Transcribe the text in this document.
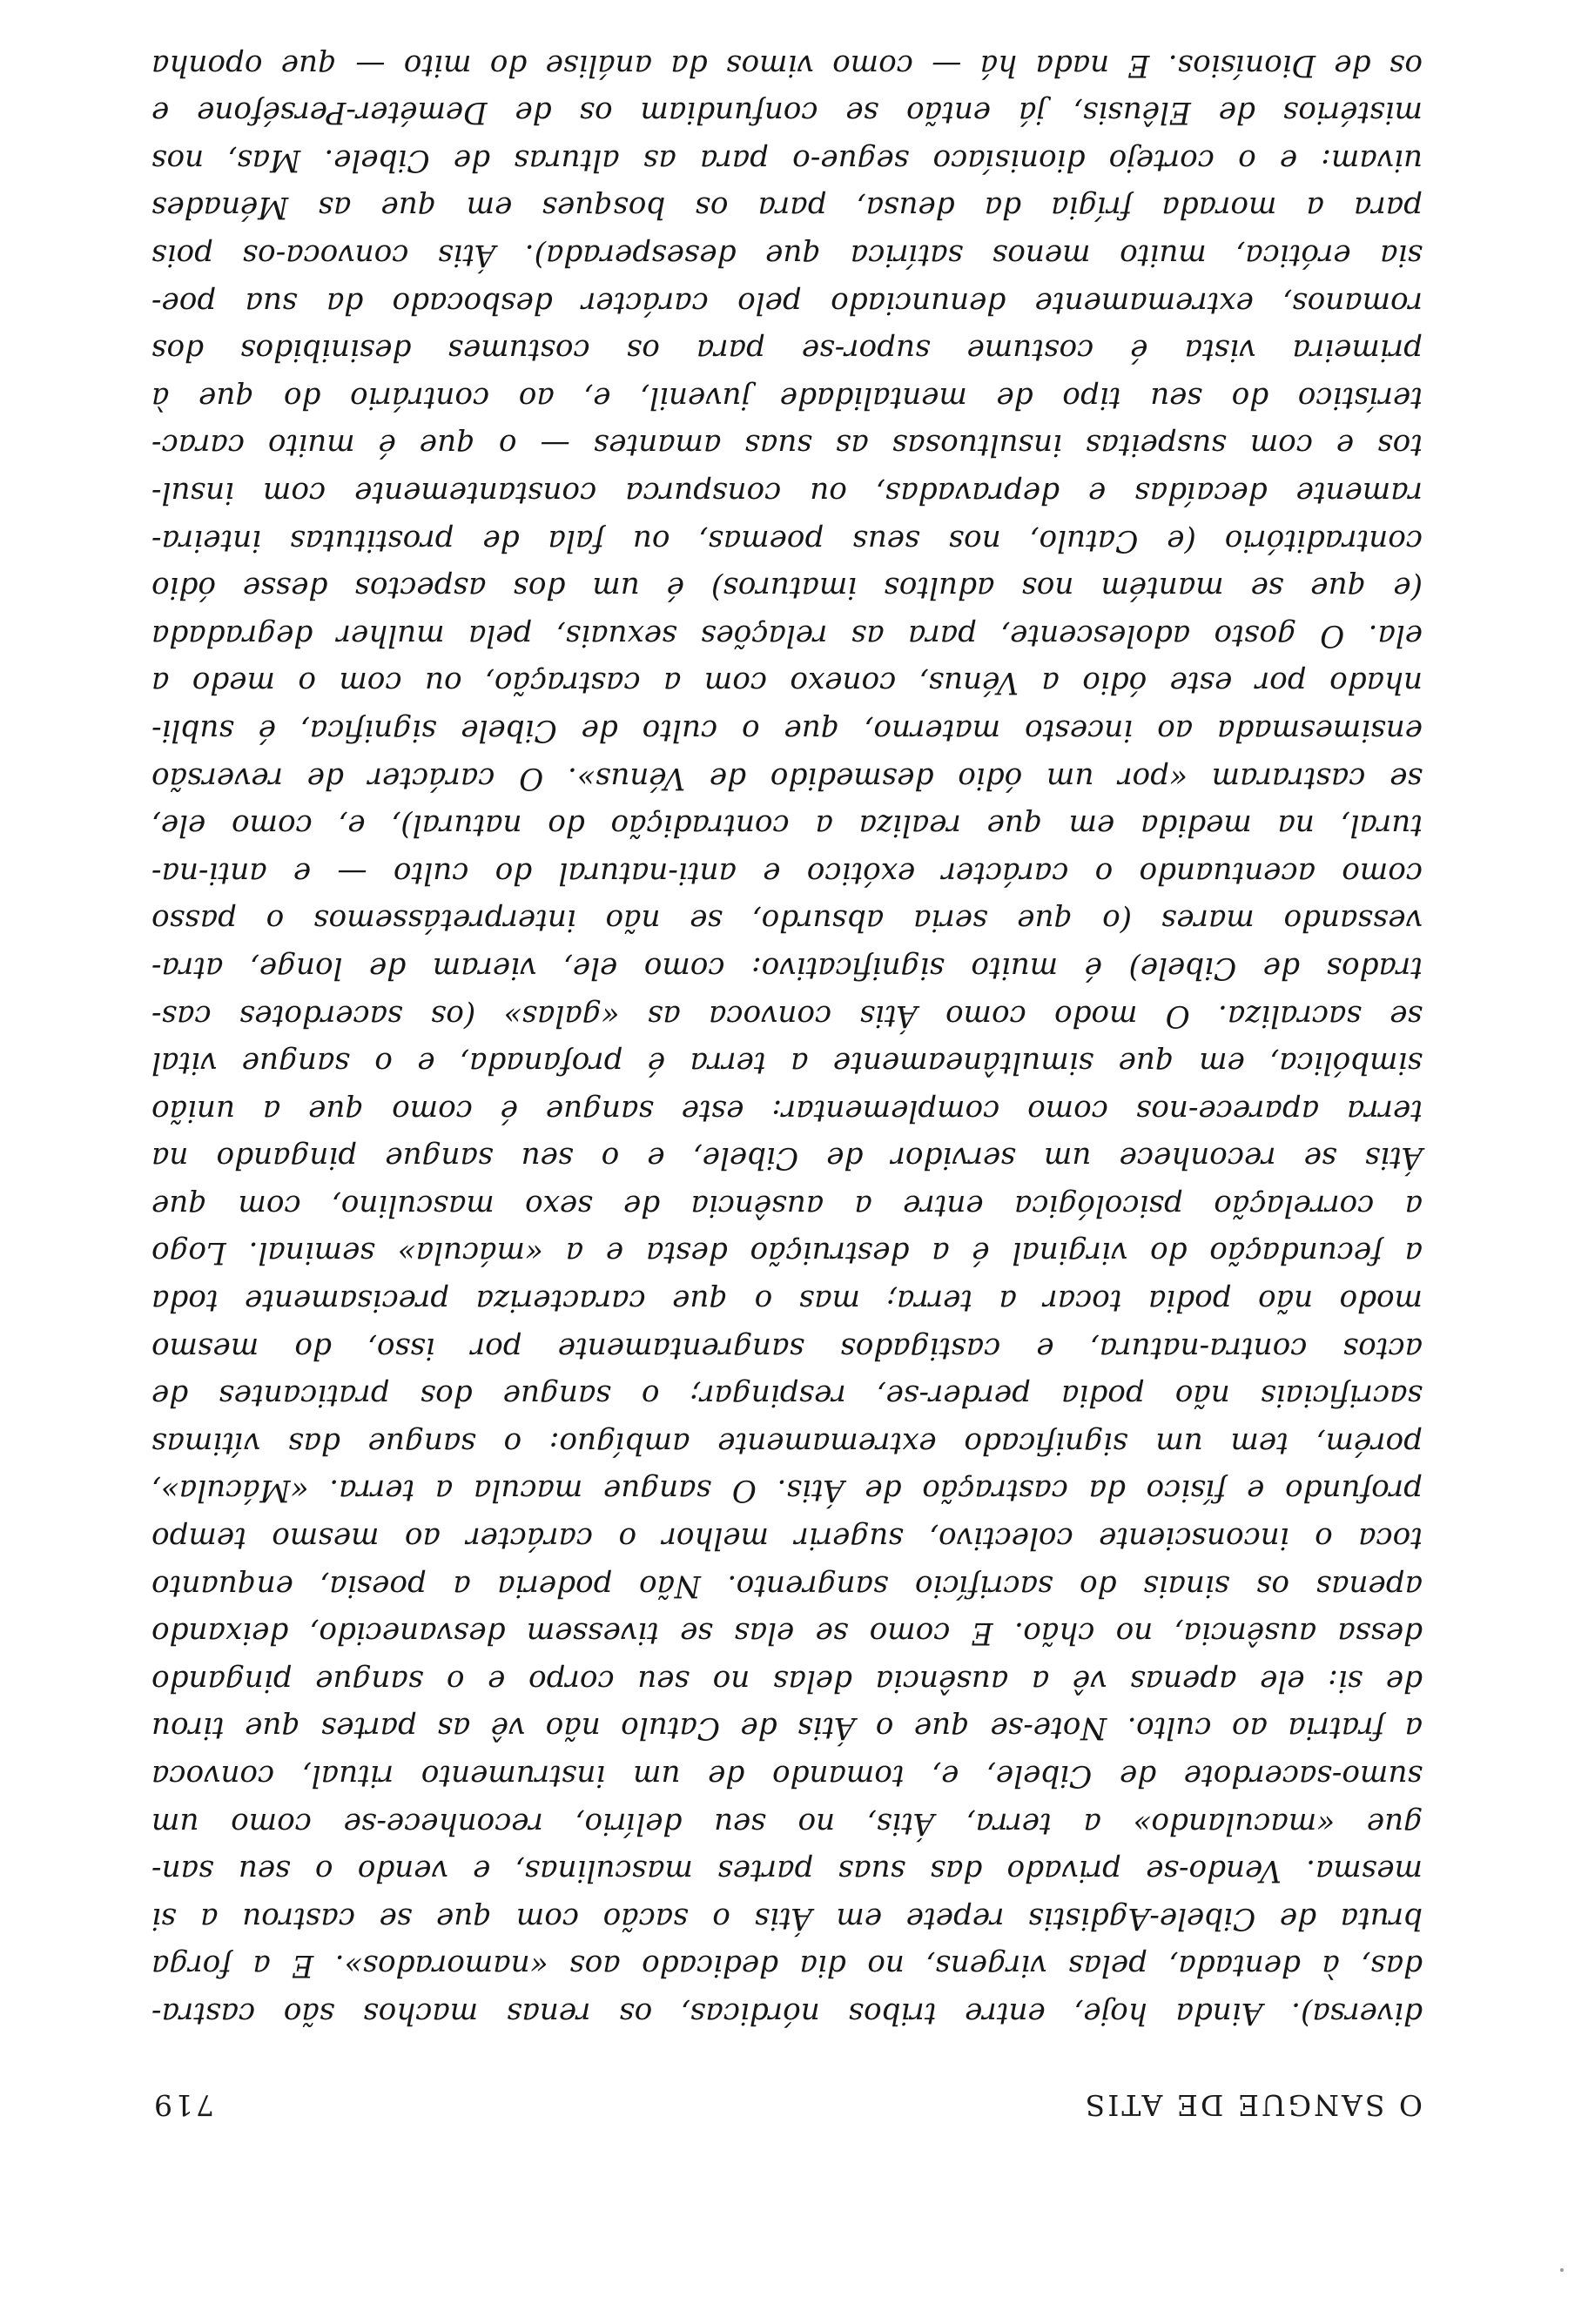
O SANGUE DE ATIS
719
diversa). Ainda hoje, entre tribos nórdicas, os renas machos são castra-
das, à dentada, pelas virgens, no dia dedicado aos «namorados». E a forga
bruta de Cibele-Agdistis repete em Átis o sacão com que se castrou a si
mesma. Vendo-se privado das suas partes masculinas, e vendo o seu san-
gue «maculando» a terra, Átis, no seu delírio, reconhece-se como um
sumo-sacerdote de Cibele, e, tomando de um instrumento ritual, convoca
a fratria ao culto. Note-se que o Átis de Catulo não vê as partes que tirou
de si: ele apenas vê a ausência delas no seu corpo e o sangue pingando
dessa ausência, no chão. E como se elas se tivessem desvanecido, deixando
apenas os sinais do sacrifício sangrento. Não poderia a poesia, enquanto
toca o inconsciente colectivo, sugerir melhor o carácter ao mesmo tempo
profundo e físico da castração de Átis. O sangue macula a terra. «Mácula»,
porém, tem um significado extremamente ambíguo: o sangue das vítimas
sacrificiais não podia perder-se, respingar; o sangue dos praticantes de
actos contra-natura, e castigados sangrentamente por isso, do mesmo
modo não podia tocar a terra; mas o que caracteriza precisamente toda
a fecundação do virginal é a destruição desta e a «mácula» seminal. Logo
a correlação psicológica entre a ausência de sexo masculino, com que
Átis se reconhece um servidor de Cibele, e o seu sangue pingando na
terra aparece-nos como complementar: este sangue é como que a união
simbólica, em que simultâneamente a terra é profanada, e o sangue vital
se sacraliza. O modo como Átis convoca as «galas» (os sacerdotes cas-
trados de Cibele) é muito significativo: como ele, vieram de longe, atra-
vessando mares (o que seria absurdo, se não interpretássemos o passo
como acentuando o carácter exótico e anti-natural do culto — e anti-na-
tural, na medida em que realiza a contradição do natural), e, como ele,
se castraram «por um ódio desmedido de Vénus». O carácter de reversão
ensimesmada ao incesto materno, que o culto de Cibele significa, é subli-
nhado por este ódio a Vénus, conexo com a castração, ou com o medo a
ela. O gosto adolescente, para as relações sexuais, pela mulher degradada
(e que se mantém nos adultos imaturos) é um dos aspectos desse ódio
contraditório (e Catulo, nos seus poemas, ou fala de prostitutas inteira-
ramente decaídas e depravadas, ou conspurca constantemente com insul-
tos e com suspeitas insultuosas as suas amantes — o que é muito carac-
terístico do seu tipo de mentalidade juvenil, e, ao contrário do que à
primeira vista é costume supor-se para os costumes desinibidos dos
romanos, extremamente denunciado pelo carácter desbocado da sua poe-
sia erótica, muito menos satírica que desesperada). Átis convoca-os pois
para a morada frígia da deusa, para os bosques em que as Ménades
uivam: e o cortejo dionisíaco segue-o para as alturas de Cibele. Mas, nos
mistérios de Elêusis, já então se confundiam os de Deméter-Perséfone e
os de Dionísios. E nada há — como vimos da análise do mito — que oponha
